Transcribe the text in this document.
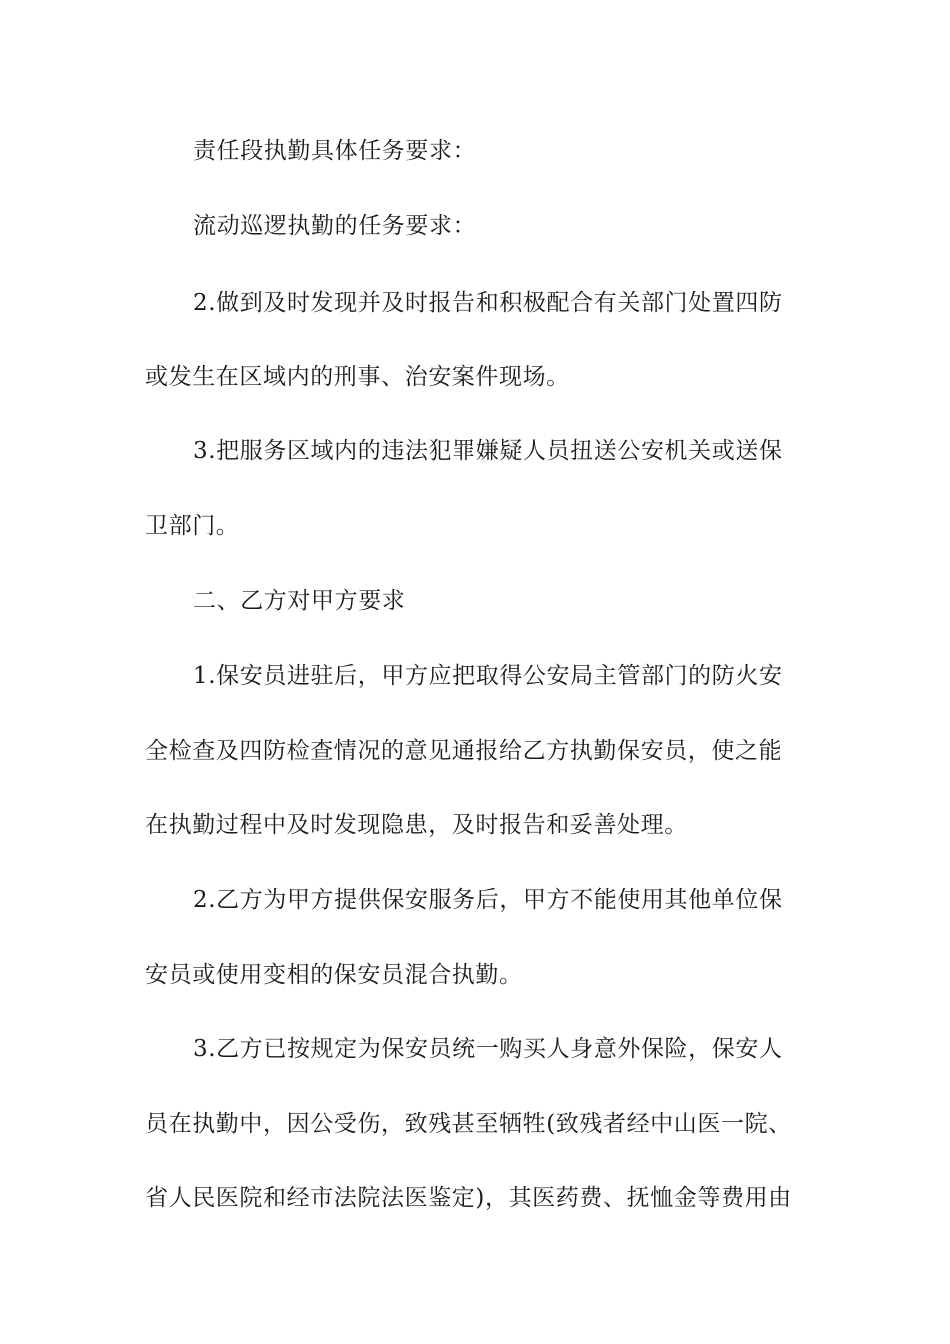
责任段执勤具体任务要求：
流动巡逻执勤的任务要求：
2.做到及时发现并及时报告和积极配合有关部门处置四防
或发生在区域内的刑事、治安案件现场。
3.把服务区域内的违法犯罪嫌疑人员扭送公安机关或送保
卫部门。
二、乙方对甲方要求
1.保安员进驻后，甲方应把取得公安局主管部门的防火安
全检查及四防检查情况的意见通报给乙方执勤保安员，使之能
在执勤过程中及时发现隐患，及时报告和妥善处理。
2.乙方为甲方提供保安服务后，甲方不能使用其他单位保
安员或使用变相的保安员混合执勤。
3.乙方已按规定为保安员统一购买人身意外保险，保安人
员在执勤中，因公受伤，致残甚至牺牲(致残者经中山医一院、
省人民医院和经市法院法医鉴定)，其医药费、抚恤金等费用由
